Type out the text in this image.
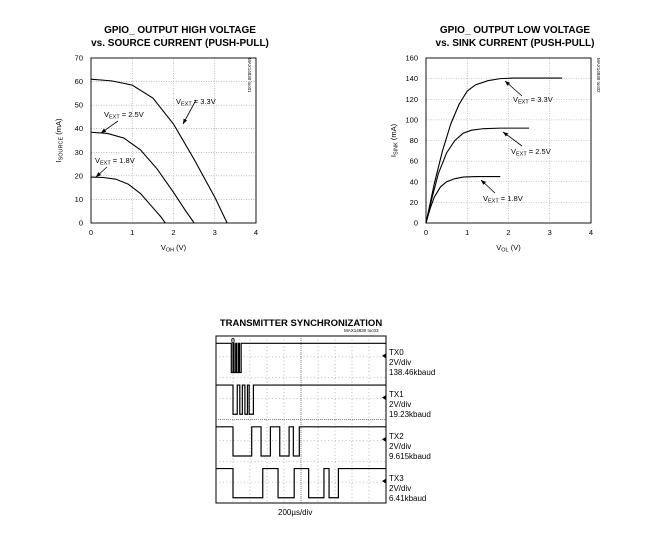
GPIO_ OUTPUT HIGH VOLTAGE
vs. SOURCE CURRENT (PUSH-PULL)
MAX14830 toc01
GPIO_ OUTPUT LOW VOLTAGE
vs. SINK CURRENT (PUSH-PULL)
MAX14830 toc02
TRANSMITTER SYNCHRONIZATION
MAX14830 toc03
0	1	2	3	4
0
10
20
30
40
50
60
70
$V_{OH}$ (V)
$I_{SOURCE}$ (mA)
$V_{EXT} = 3.3V$
$V_{EXT} = 2.5V$
$V_{EXT} = 1.8V$
0	1	2	3	4
0
20
40
60
80
100
120
140
160
$V_{OL}$ (V)
$I_{SINK}$ (mA)
$V_{EXT} = 3.3V$
$V_{EXT} = 2.5V$
$V_{EXT} = 1.8V$
0
TX0
2V/div
138.46kbaud
TX1
2V/div
19.23kbaud
TX2
2V/div
9.615kbaud
TX3
2V/div
6.41kbaud
200µs/div
